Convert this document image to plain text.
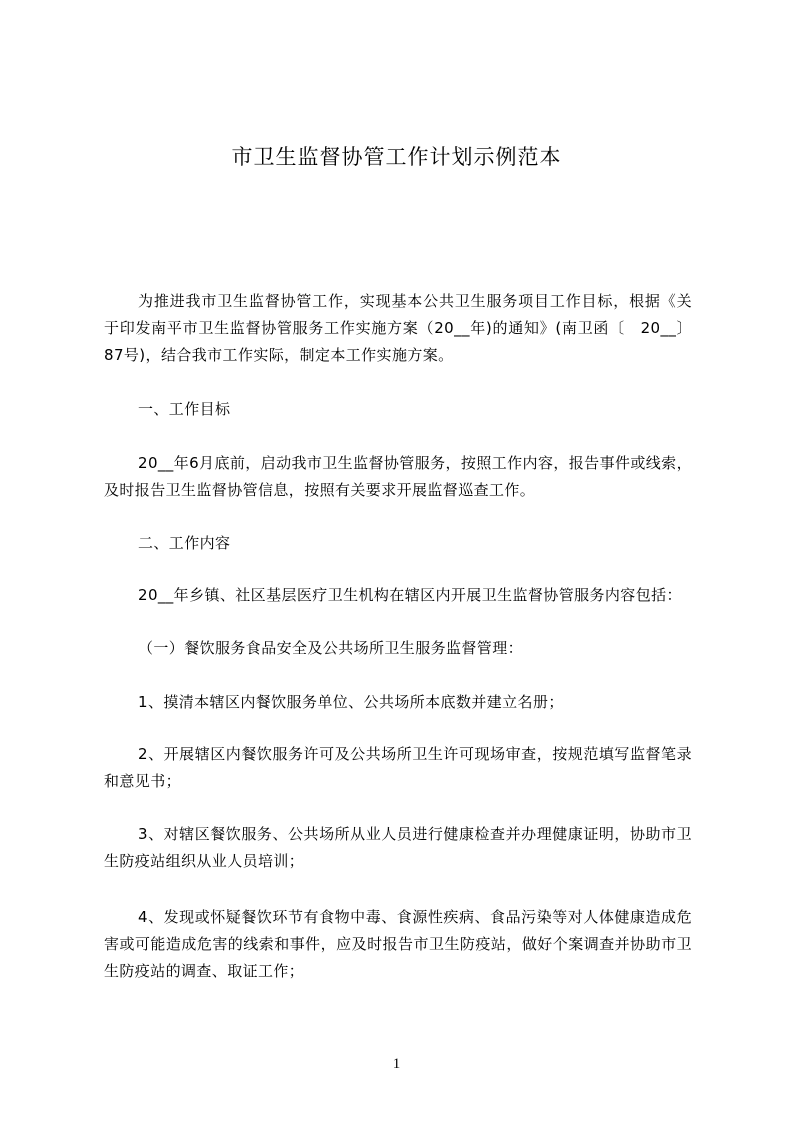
市卫生监督协管工作计划示例范本

为推进我市卫生监督协管工作，实现基本公共卫生服务项目工作目标，根据《关于印发南平市卫生监督协管服务工作实施方案（20__年)的通知》(南卫函〔　20__〕87号)，结合我市工作实际，制定本工作实施方案。

一、工作目标

20__年6月底前，启动我市卫生监督协管服务，按照工作内容，报告事件或线索，及时报告卫生监督协管信息，按照有关要求开展监督巡查工作。

二、工作内容

20__年乡镇、社区基层医疗卫生机构在辖区内开展卫生监督协管服务内容包括：

（一）餐饮服务食品安全及公共场所卫生服务监督管理：

1、摸清本辖区内餐饮服务单位、公共场所本底数并建立名册；

2、开展辖区内餐饮服务许可及公共场所卫生许可现场审查，按规范填写监督笔录和意见书；

3、对辖区餐饮服务、公共场所从业人员进行健康检查并办理健康证明，协助市卫生防疫站组织从业人员培训；

4、发现或怀疑餐饮环节有食物中毒、食源性疾病、食品污染等对人体健康造成危害或可能造成危害的线索和事件，应及时报告市卫生防疫站，做好个案调查并协助市卫生防疫站的调查、取证工作；

1
